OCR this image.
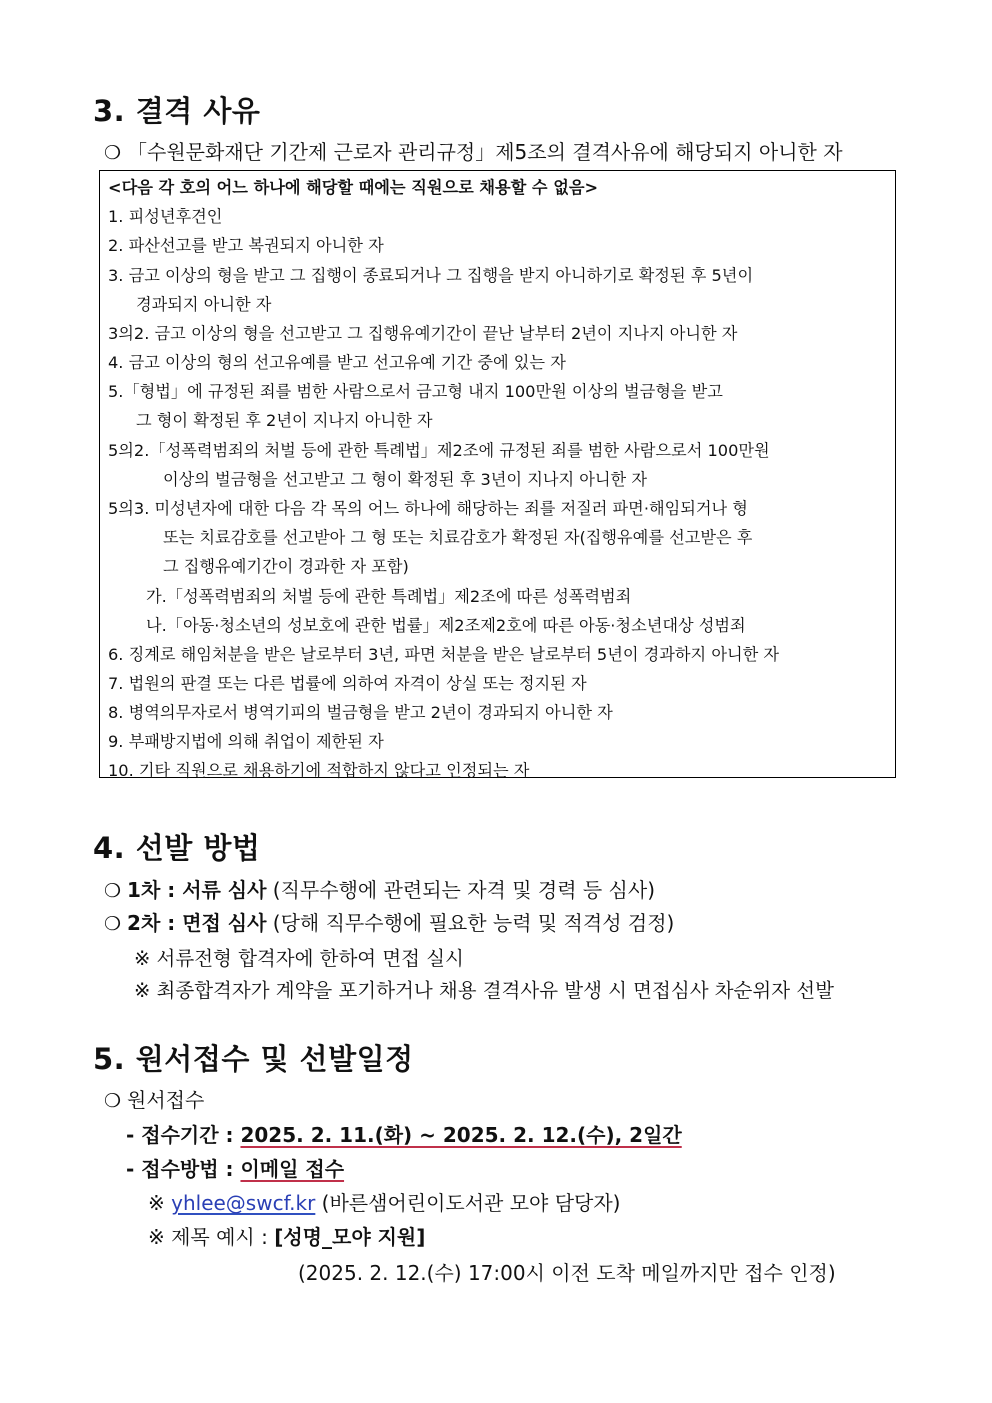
3. 결격 사유
❍ 「수원문화재단 기간제 근로자 관리규정」제5조의 결격사유에 해당되지 아니한 자
<다음 각 호의 어느 하나에 해당할 때에는 직원으로 채용할 수 없음>
1. 피성년후견인
2. 파산선고를 받고 복권되지 아니한 자
3. 금고 이상의 형을 받고 그 집행이 종료되거나 그 집행을 받지 아니하기로 확정된 후 5년이
경과되지 아니한 자
3의2. 금고 이상의 형을 선고받고 그 집행유예기간이 끝난 날부터 2년이 지나지 아니한 자
4. 금고 이상의 형의 선고유예를 받고 선고유예 기간 중에 있는 자
5.「형법」에 규정된 죄를 범한 사람으로서 금고형 내지 100만원 이상의 벌금형을 받고
그 형이 확정된 후 2년이 지나지 아니한 자
5의2.「성폭력범죄의 처벌 등에 관한 특례법」제2조에 규정된 죄를 범한 사람으로서 100만원
이상의 벌금형을 선고받고 그 형이 확정된 후 3년이 지나지 아니한 자
5의3. 미성년자에 대한 다음 각 목의 어느 하나에 해당하는 죄를 저질러 파면·해임되거나 형
또는 치료감호를 선고받아 그 형 또는 치료감호가 확정된 자(집행유예를 선고받은 후
그 집행유예기간이 경과한 자 포함)
가.「성폭력범죄의 처벌 등에 관한 특례법」제2조에 따른 성폭력범죄
나.「아동·청소년의 성보호에 관한 법률」제2조제2호에 따른 아동·청소년대상 성범죄
6. 징계로 해임처분을 받은 날로부터 3년, 파면 처분을 받은 날로부터 5년이 경과하지 아니한 자
7. 법원의 판결 또는 다른 법률에 의하여 자격이 상실 또는 정지된 자
8. 병역의무자로서 병역기피의 벌금형을 받고 2년이 경과되지 아니한 자
9. 부패방지법에 의해 취업이 제한된 자
10. 기타 직원으로 채용하기에 적합하지 않다고 인정되는 자
4. 선발 방법
❍ 1차 : 서류 심사 (직무수행에 관련되는 자격 및 경력 등 심사)
❍ 2차 : 면접 심사 (당해 직무수행에 필요한 능력 및 적격성 검정)
※ 서류전형 합격자에 한하여 면접 실시
※ 최종합격자가 계약을 포기하거나 채용 결격사유 발생 시 면접심사 차순위자 선발
5. 원서접수 및 선발일정
❍ 원서접수
- 접수기간 : 2025. 2. 11.(화) ~ 2025. 2. 12.(수), 2일간
- 접수방법 : 이메일 접수
※ yhlee@swcf.kr (바른샘어린이도서관 모야 담당자)
※ 제목 예시 : [성명_모야 지원]
(2025. 2. 12.(수) 17:00시 이전 도착 메일까지만 접수 인정)
